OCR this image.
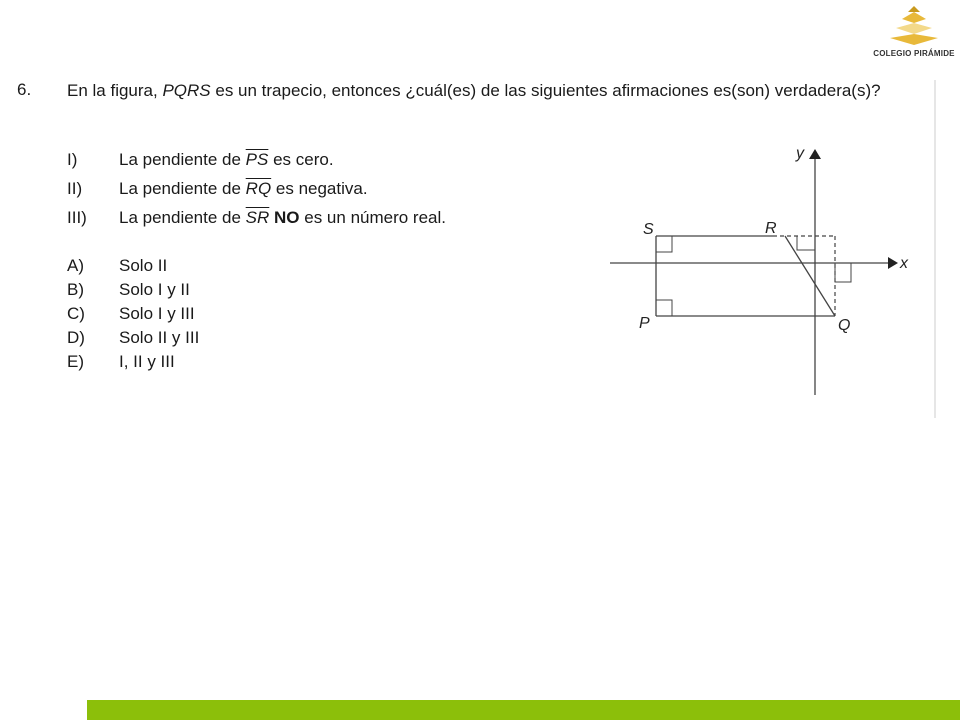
COLEGIO PIRÁMIDE
6. En la figura, PQRS es un trapecio, entonces ¿cuál(es) de las siguientes afirmaciones es(son) verdadera(s)?
I) La pendiente de $\overline{PS}$ es cero.
II) La pendiente de $\overline{RQ}$ es negativa.
III) La pendiente de $\overline{SR}$ NO es un número real.
A) Solo II
B) Solo I y II
C) Solo I y III
D) Solo II y III
E) I, II y III
x
y
S	R
P	Q
